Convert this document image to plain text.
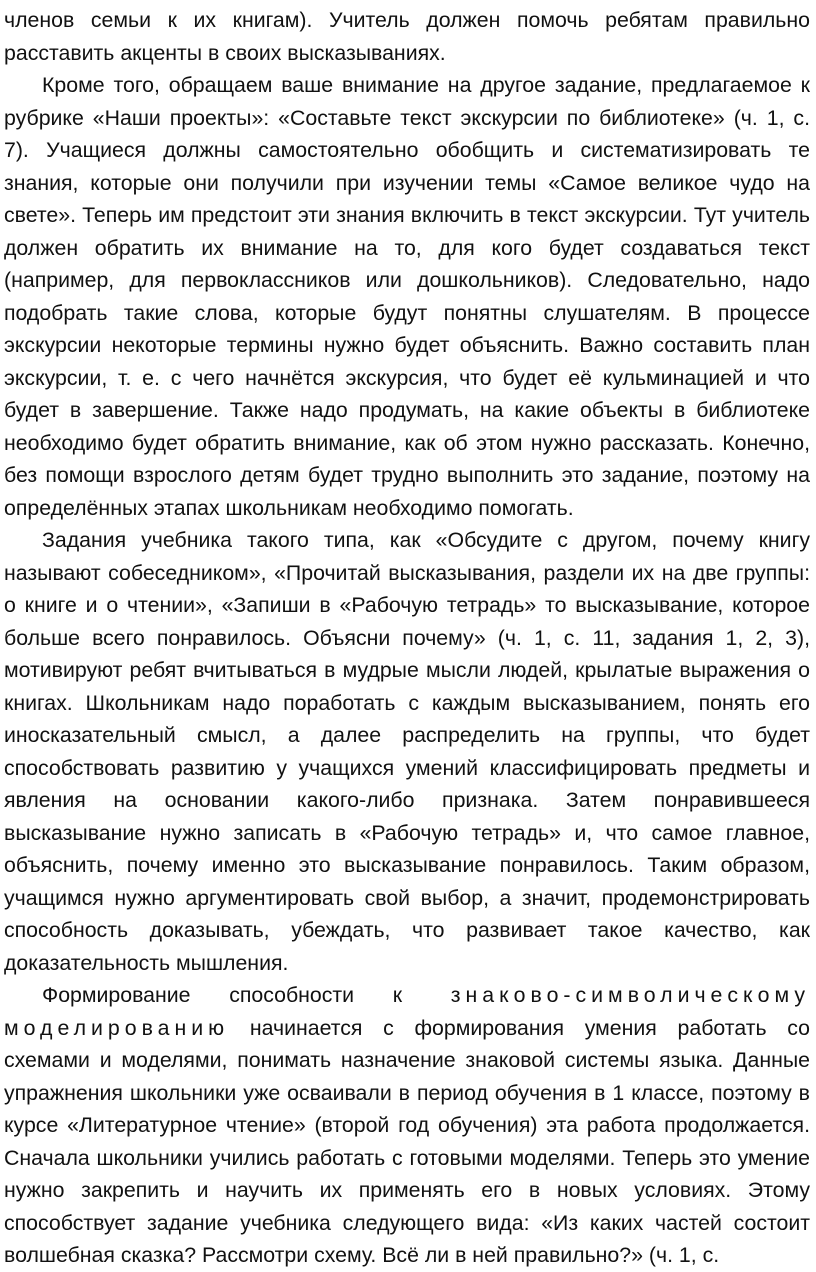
членов семьи к их книгам). Учитель должен помочь ребятам правильно расставить акценты в своих высказываниях.

Кроме того, обращаем ваше внимание на другое задание, предлагаемое к рубрике «Наши проекты»: «Составьте текст экскурсии по библиотеке» (ч. 1, с. 7). Учащиеся должны самостоятельно обобщить и систематизировать те знания, которые они получили при изучении темы «Самое великое чудо на свете». Теперь им предстоит эти знания включить в текст экскурсии. Тут учитель должен обратить их внимание на то, для кого будет создаваться текст (например, для первоклассников или дошкольников). Следовательно, надо подобрать такие слова, которые будут понятны слушателям. В процессе экскурсии некоторые термины нужно будет объяснить. Важно составить план экскурсии, т. е. с чего начнётся экскурсия, что будет её кульминацией и что будет в завершение. Также надо продумать, на какие объекты в библиотеке необходимо будет обратить внимание, как об этом нужно рассказать. Конечно, без помощи взрослого детям будет трудно выполнить это задание, поэтому на определённых этапах школьникам необходимо помогать.

Задания учебника такого типа, как «Обсудите с другом, почему книгу называют собеседником», «Прочитай высказывания, раздели их на две группы: о книге и о чтении», «Запиши в «Рабочую тетрадь» то высказывание, которое больше всего понравилось. Объясни почему» (ч. 1, с. 11, задания 1, 2, 3), мотивируют ребят вчитываться в мудрые мысли людей, крылатые выражения о книгах. Школьникам надо поработать с каждым высказыванием, понять его иносказательный смысл, а далее распределить на группы, что будет способствовать развитию у учащихся умений классифицировать предметы и явления на основании какого-либо признака. Затем понравившееся высказывание нужно записать в «Рабочую тетрадь» и, что самое главное, объяснить, почему именно это высказывание понравилось. Таким образом, учащимся нужно аргументировать свой выбор, а значит, продемонстрировать способность доказывать, убеждать, что развивает такое качество, как доказательность мышления.

Формирование способности к знаково-символическому моделированию начинается с формирования умения работать со схемами и моделями, понимать назначение знаковой системы языка. Данные упражнения школьники уже осваивали в период обучения в 1 классе, поэтому в курсе «Литературное чтение» (второй год обучения) эта работа продолжается. Сначала школьники учились работать с готовыми моделями. Теперь это умение нужно закрепить и научить их применять его в новых условиях. Этому способствует задание учебника следующего вида: «Из каких частей состоит волшебная сказка? Рассмотри схему. Всё ли в ней правильно?» (ч. 1, с.
